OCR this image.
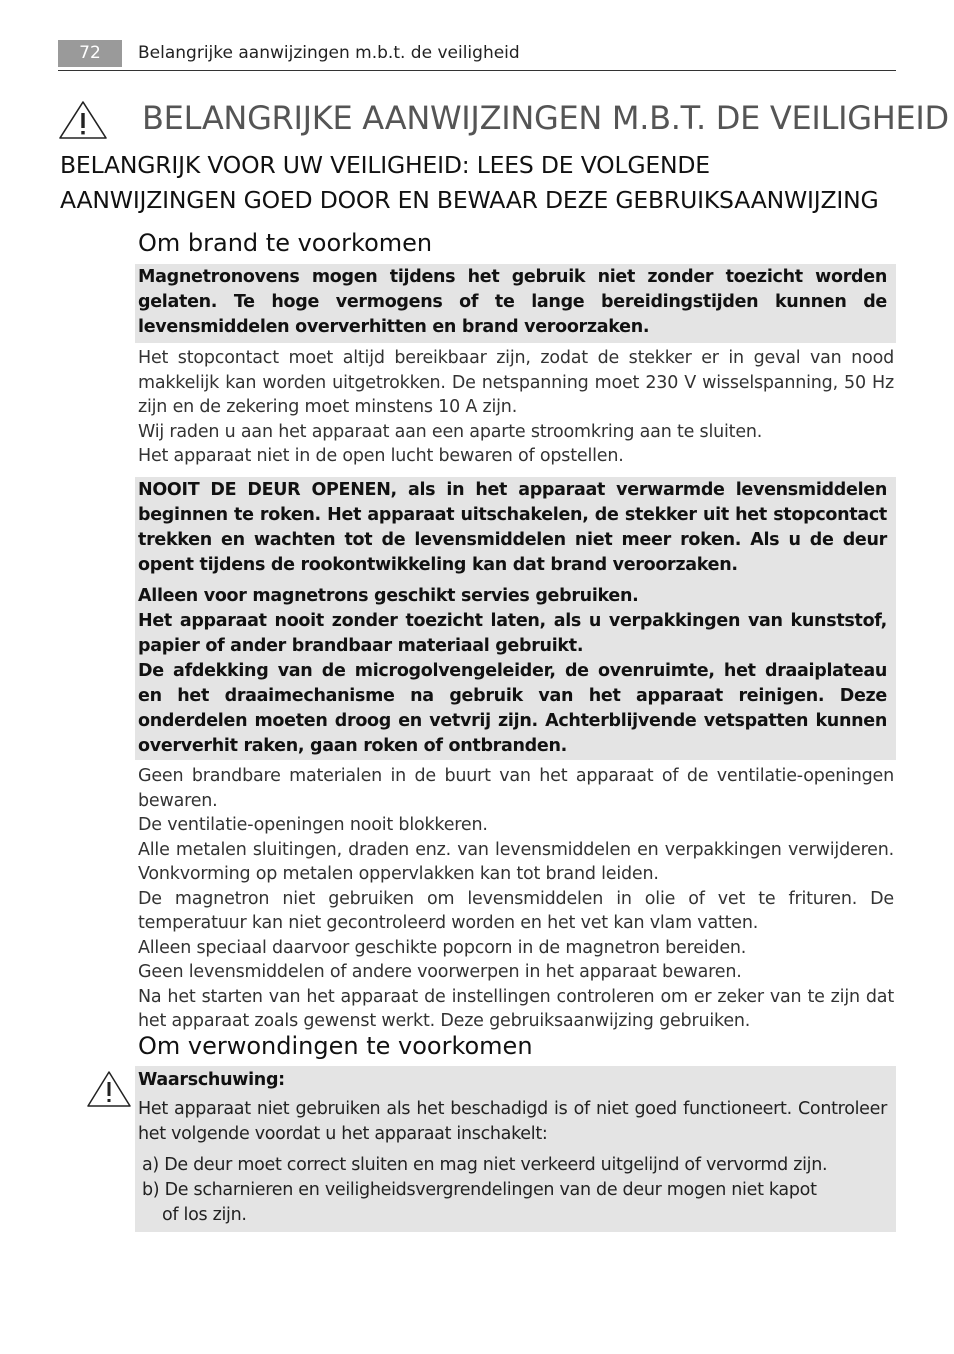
72	Belangrijke aanwijzingen m.b.t. de veiligheid
BELANGRIJKE AANWIJZINGEN M.B.T. DE VEILIGHEID
BELANGRIJK VOOR UW VEILIGHEID: LEES DE VOLGENDE
AANWIJZINGEN GOED DOOR EN BEWAAR DEZE GEBRUIKSAANWIJZING
Om brand te voorkomen

Magnetronovens mogen tijdens het gebruik niet zonder toezicht worden gelaten. Te hoge vermogens of te lange bereidingstijden kunnen de levensmiddelen oververhitten en brand veroorzaken.

Het stopcontact moet altijd bereikbaar zijn, zodat de stekker er in geval van nood makkelijk kan worden uitgetrokken. De netspanning moet 230 V wisselspanning, 50 Hz zijn en de zekering moet minstens 10 A zijn.

Wij raden u aan het apparaat aan een aparte stroomkring aan te sluiten.

Het apparaat niet in de open lucht bewaren of opstellen.

NOOIT DE DEUR OPENEN, als in het apparaat verwarmde levensmiddelen beginnen te roken. Het apparaat uitschakelen, de stekker uit het stopcontact trekken en wachten tot de levensmiddelen niet meer roken. Als u de deur opent tijdens de rookontwikkeling kan dat brand veroorzaken.

Alleen voor magnetrons geschikt servies gebruiken.

Het apparaat nooit zonder toezicht laten, als u verpakkingen van kunststof, papier of ander brandbaar materiaal gebruikt.

De afdekking van de microgolvengeleider, de ovenruimte, het draaiplateau en het draaimechanisme na gebruik van het apparaat reinigen. Deze onderdelen moeten droog en vetvrij zijn. Achterblijvende vetspatten kunnen oververhit raken, gaan roken of ontbranden.

Geen brandbare materialen in de buurt van het apparaat of de ventilatie-openingen bewaren.

De ventilatie-openingen nooit blokkeren.

Alle metalen sluitingen, draden enz. van levensmiddelen en verpakkingen verwijderen. Vonkvorming op metalen oppervlakken kan tot brand leiden.

De magnetron niet gebruiken om levensmiddelen in olie of vet te frituren. De temperatuur kan niet gecontroleerd worden en het vet kan vlam vatten.

Alleen speciaal daarvoor geschikte popcorn in de magnetron bereiden.

Geen levensmiddelen of andere voorwerpen in het apparaat bewaren.

Na het starten van het apparaat de instellingen controleren om er zeker van te zijn dat het apparaat zoals gewenst werkt. Deze gebruiksaanwijzing gebruiken.

Om verwondingen te voorkomen

Waarschuwing:

Het apparaat niet gebruiken als het beschadigd is of niet goed functioneert. Controleer het volgende voordat u het apparaat inschakelt:

a) De deur moet correct sluiten en mag niet verkeerd uitgelijnd of vervormd zijn.

b) De scharnieren en veiligheidsvergrendelingen van de deur mogen niet kapot of los zijn.
